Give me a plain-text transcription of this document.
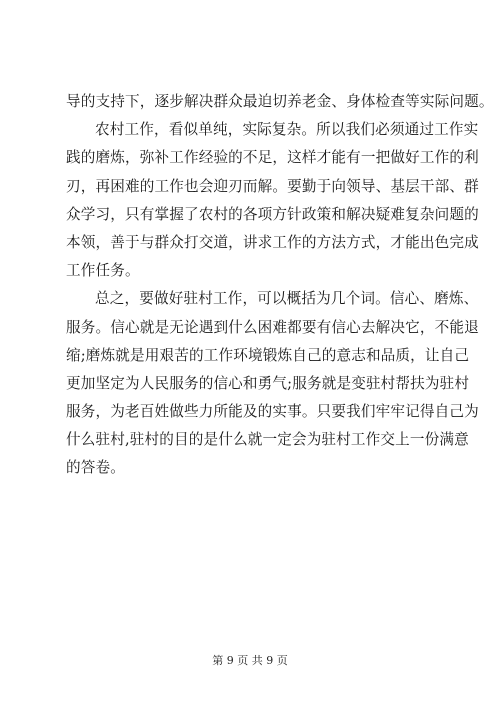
导的支持下，逐步解决群众最迫切养老金、身体检查等实际问题。
农村工作，看似单纯，实际复杂。所以我们必须通过工作实
践的磨炼，弥补工作经验的不足，这样才能有一把做好工作的利
刃，再困难的工作也会迎刃而解。要勤于向领导、基层干部、群
众学习，只有掌握了农村的各项方针政策和解决疑难复杂问题的
本领，善于与群众打交道，讲求工作的方法方式，才能出色完成
工作任务。
总之，要做好驻村工作，可以概括为几个词。信心、磨炼、
服务。信心就是无论遇到什么困难都要有信心去解决它，不能退
缩;磨炼就是用艰苦的工作环境锻炼自己的意志和品质，让自己
更加坚定为人民服务的信心和勇气;服务就是变驻村帮扶为驻村
服务，为老百姓做些力所能及的实事。只要我们牢牢记得自己为
什么驻村,驻村的目的是什么就一定会为驻村工作交上一份满意
的答卷。
第 9 页 共 9 页
